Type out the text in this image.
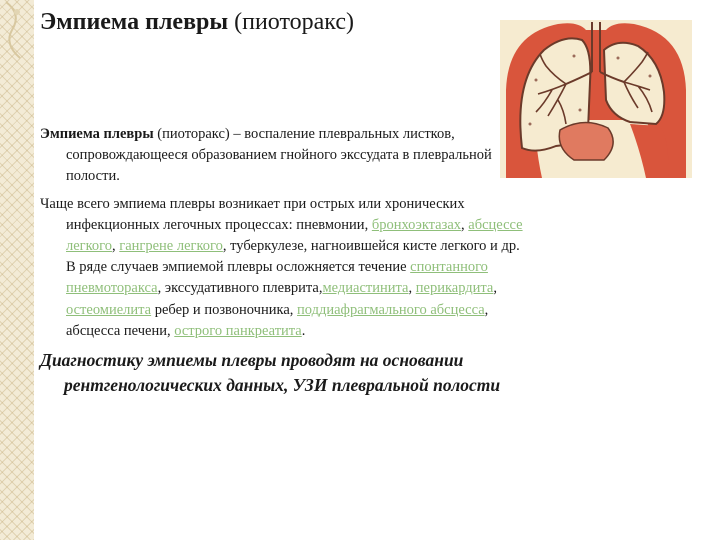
Эмпиема плевры (пиоторакс)

Эмпиема плевры (пиоторакс) – воспаление плевральных листков, сопровождающееся образованием гнойного экссудата в плевральной полости.

Чаще всего эмпиема плевры возникает при острых или хронических инфекционных легочных процессах: пневмонии, бронхоэктазах, абсцессе легкого, гангрене легкого, туберкулезе, нагноившейся кисте легкого и др. В ряде случаев эмпиемой плевры осложняется течение спонтанного пневмоторакса, экссудативного плеврита,медиастинита, перикардита, остеомиелита ребер и позвоночника, поддиафрагмального абсцесса, абсцесса печени, острого панкреатита.

Диагностику эмпиемы плевры проводят на основании рентгенологических данных, УЗИ плевральной полости
